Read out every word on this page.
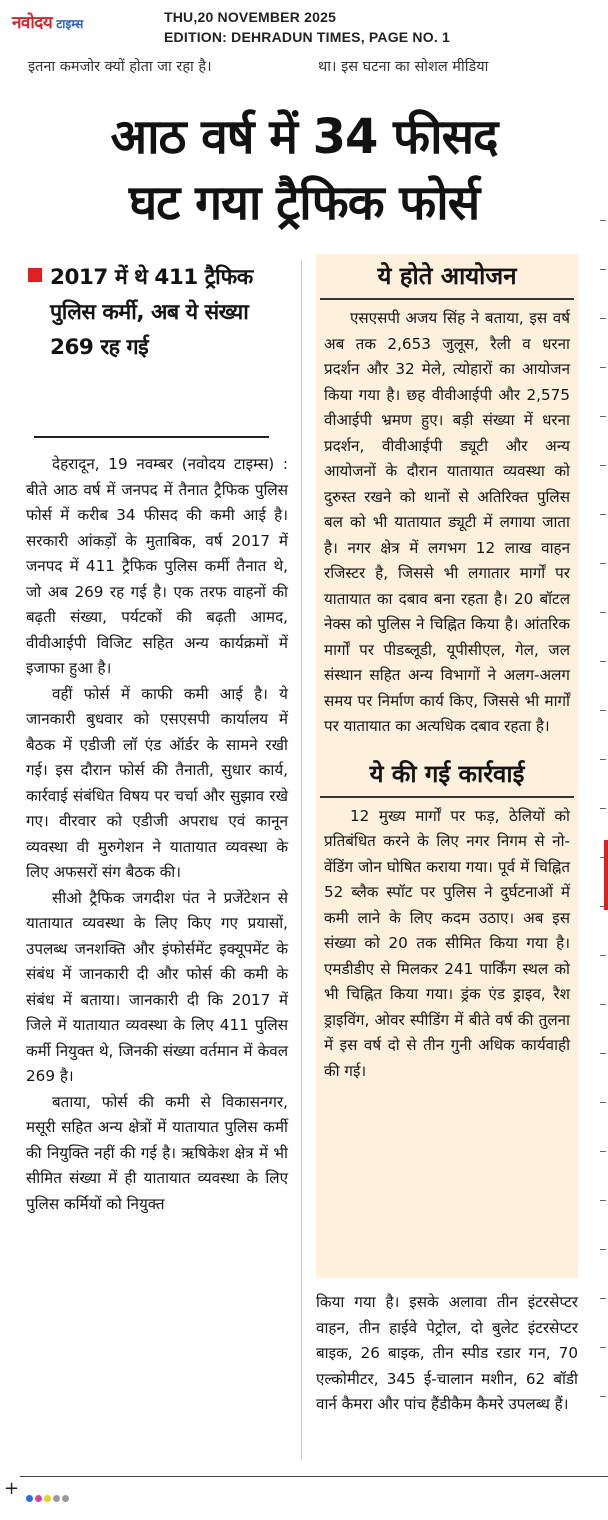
नवोदय टाइम्स	THU,20 NOVEMBER 2025
EDITION: DEHRADUN TIMES, PAGE NO. 1
इतना कमजोर क्यों होता जा रहा है।	था। इस घटना का सोशल मीडिया
आठ वर्ष में 34 फीसद
घट गया ट्रैफिक फोर्स
2017 में थे 411 ट्रैफिक पुलिस कर्मी, अब ये संख्या 269 रह गई

देहरादून, 19 नवम्बर (नवोदय टाइम्स) : बीते आठ वर्ष में जनपद में तैनात ट्रैफिक पुलिस फोर्स में करीब 34 फीसद की कमी आई है। सरकारी आंकड़ों के मुताबिक, वर्ष 2017 में जनपद में 411 ट्रैफिक पुलिस कर्मी तैनात थे, जो अब 269 रह गई है। एक तरफ वाहनों की बढ़ती संख्या, पर्यटकों की बढ़ती आमद, वीवीआईपी विजिट सहित अन्य कार्यक्रमों में इजाफा हुआ है।

वहीं फोर्स में काफी कमी आई है। ये जानकारी बुधवार को एसएसपी कार्यालय में बैठक में एडीजी लॉ एंड ऑर्डर के सामने रखी गई। इस दौरान फोर्स की तैनाती, सुधार कार्य, कार्रवाई संबंधित विषय पर चर्चा और सुझाव रखे गए। वीरवार को एडीजी अपराध एवं कानून व्यवस्था वी मुरुगेशन ने यातायात व्यवस्था के लिए अफसरों संग बैठक की।

सीओ ट्रैफिक जगदीश पंत ने प्रजेंटेशन से यातायात व्यवस्था के लिए किए गए प्रयासों, उपलब्ध जनशक्ति और इंफोर्समेंट इक्यूपमेंट के संबंध में जानकारी दी और फोर्स की कमी के संबंध में बताया। जानकारी दी कि 2017 में जिले में यातायात व्यवस्था के लिए 411 पुलिस कर्मी नियुक्त थे, जिनकी संख्या वर्तमान में केवल 269 है।

बताया, फोर्स की कमी से विकासनगर, मसूरी सहित अन्य क्षेत्रों में यातायात पुलिस कर्मी की नियुक्ति नहीं की गई है। ऋषिकेश क्षेत्र में भी सीमित संख्या में ही यातायात व्यवस्था के लिए पुलिस कर्मियों को नियुक्त

ये होते आयोजन

एसएसपी अजय सिंह ने बताया, इस वर्ष अब तक 2,653 जुलूस, रैली व धरना प्रदर्शन और 32 मेले, त्योहारों का आयोजन किया गया है। छह वीवीआईपी और 2,575 वीआईपी भ्रमण हुए। बड़ी संख्या में धरना प्रदर्शन, वीवीआईपी ड्यूटी और अन्य आयोजनों के दौरान यातायात व्यवस्था को दुरुस्त रखने को थानों से अतिरिक्त पुलिस बल को भी यातायात ड्यूटी में लगाया जाता है। नगर क्षेत्र में लगभग 12 लाख वाहन रजिस्टर है, जिससे भी लगातार मार्गों पर यातायात का दबाव बना रहता है। 20 बॉटल नेक्स को पुलिस ने चिह्नित किया है। आंतरिक मार्गों पर पीडब्लूडी, यूपीसीएल, गेल, जल संस्थान सहित अन्य विभागों ने अलग-अलग समय पर निर्माण कार्य किए, जिससे भी मार्गों पर यातायात का अत्यधिक दबाव रहता है।

ये की गई कार्रवाई

12 मुख्य मार्गों पर फड़, ठेलियों को प्रतिबंधित करने के लिए नगर निगम से नो-वेंडिंग जोन घोषित कराया गया। पूर्व में चिह्नित 52 ब्लैक स्पॉट पर पुलिस ने दुर्घटनाओं में कमी लाने के लिए कदम उठाए। अब इस संख्या को 20 तक सीमित किया गया है। एमडीडीए से मिलकर 241 पार्किंग स्थल को भी चिह्नित किया गया। ड्रंक एंड ड्राइव, रैश ड्राइविंग, ओवर स्पीडिंग में बीते वर्ष की तुलना में इस वर्ष दो से तीन गुनी अधिक कार्यवाही की गई।

किया गया है। इसके अलावा तीन इंटरसेप्टर वाहन, तीन हाईवे पेट्रोल, दो बुलेट इंटरसेप्टर बाइक, 26 बाइक, तीन स्पीड रडार गन, 70 एल्कोमीटर, 345 ई-चालान मशीन, 62 बॉडी वार्न कैमरा और पांच हैंडीकैम कैमरे उपलब्ध हैं।
+
